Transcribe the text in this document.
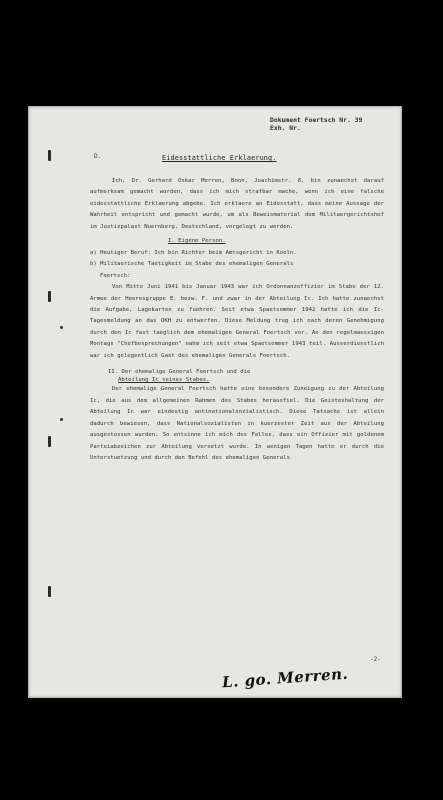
Dokument Foertsch Nr. 39
Exh. Nr.
D.	Eidesstattliche Erklaerung.

Ich, Dr. Gerhard Oskar Merren, Bonn, Joachimstr. 8, bin zunaechst darauf aufmerksam gemacht worden, dass ich mich strafbar mache, wenn ich eine falsche eidesstattliche Erklaerung abgebe. Ich erklaere an Eidesstatt, dass meine Aussage der Wahrheit entspricht und gemacht wurde, um als Beweismaterial dem Militaergerichtshof im Justizpalast Nuernberg, Deutschland, vorgelegt zu werden.

I. Eigene Person.

a) Heutiger Beruf: Ich bin Richter beim Amtsgericht in Koeln.

b) Militaerische Taetigkeit im Stabe des ehemaligen Generals

Foertsch:

Von Mitte Juni 1941 bis Januar 1943 war ich Ordonnanzoffizier im Stabe der 12. Armee der Heeresgruppe E. bezw. F. und zwar in der Abteilung Ic. Ich hatte zunaechst die Aufgabe, Lagekarten zu fuehren. Seit etwa Spaetsommer 1942 hatte ich die Ic-Tagesmeldung an das OKH zu entwerfen. Diese Meldung trug ich nach deren Genehmigung durch den Ic fast taeglich dem ehemaligen General Foertsch vor. An den regelmaessigen Montags "Chefbesprechungen" nahm ich seit etwa Spaetsommer 1943 teil. Ausserdienstlich war ich gelegentlich Gast des ehemaligen Generals Foertsch.

II. Der ehemalige General Foertsch und die
Abteilung Ic seines Stabes.

Der ehemalige General Foertsch hatte eine besondere Zuneigung zu der Abteilung Ic, die aus dem allgemeinen Rahmen des Stabes herausfiel. Die Geisteshaltung der Abteilung Ic war eindeutig antinationalsozialistisch. Diese Tatsache ist allein dadurch bewiesen, dass Nationalsozialisten in kuerzester Zeit aus der Abteilung ausgestossen wurden. So entsinne ich mich des Falles, dass ein Offizier mit goldenem Parteiabzeichen zur Abteilung versetzt wurde. In wenigen Tagen hatte er durch die Unterstuetzung und durch den Befehl des ehemaligen Generals

-2-
L. go. Merren.
